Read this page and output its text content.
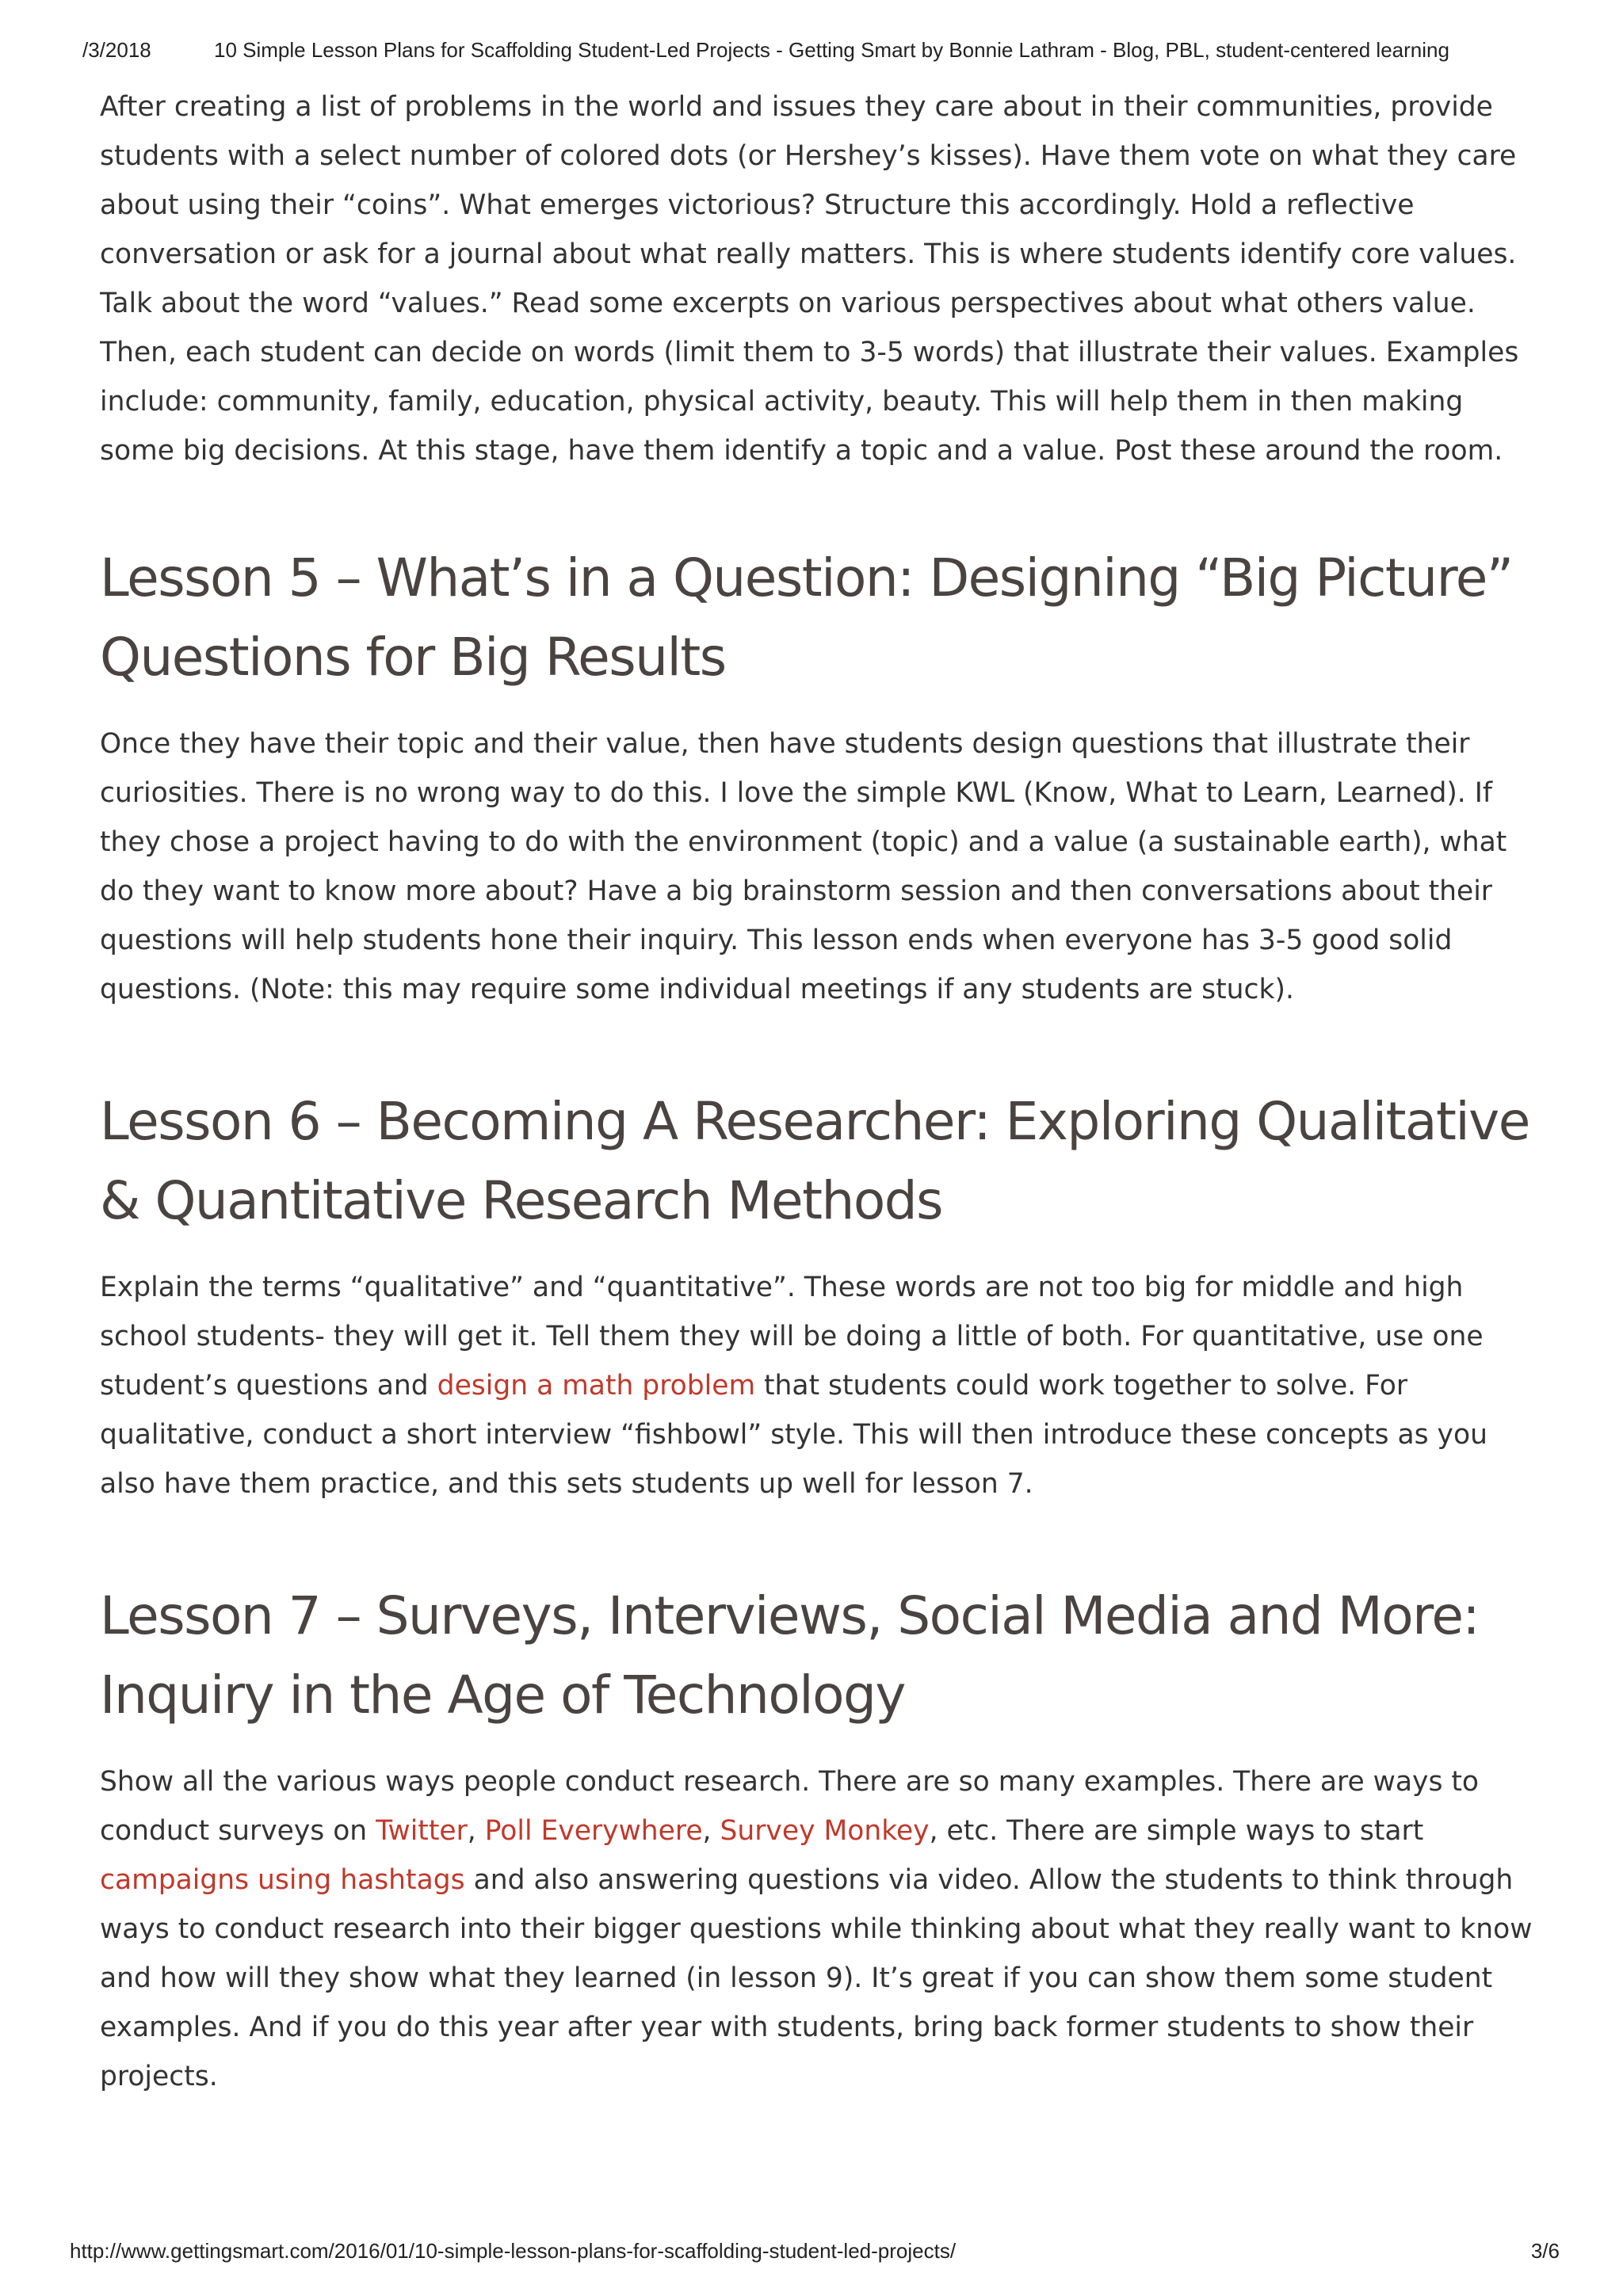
/3/2018	10 Simple Lesson Plans for Scaffolding Student-Led Projects - Getting Smart by Bonnie Lathram - Blog, PBL, student-centered learning

After creating a list of problems in the world and issues they care about in their communities, provide students with a select number of colored dots (or Hershey’s kisses). Have them vote on what they care about using their “coins”. What emerges victorious? Structure this accordingly. Hold a reflective conversation or ask for a journal about what really matters. This is where students identify core values. Talk about the word “values.” Read some excerpts on various perspectives about what others value. Then, each student can decide on words (limit them to 3-5 words) that illustrate their values. Examples include: community, family, education, physical activity, beauty. This will help them in then making some big decisions. At this stage, have them identify a topic and a value. Post these around the room.

Lesson 5 – What’s in a Question: Designing “Big Picture” Questions for Big Results

Once they have their topic and their value, then have students design questions that illustrate their curiosities. There is no wrong way to do this. I love the simple KWL (Know, What to Learn, Learned). If they chose a project having to do with the environment (topic) and a value (a sustainable earth), what do they want to know more about? Have a big brainstorm session and then conversations about their questions will help students hone their inquiry. This lesson ends when everyone has 3-5 good solid questions. (Note: this may require some individual meetings if any students are stuck).

Lesson 6 – Becoming A Researcher: Exploring Qualitative & Quantitative Research Methods

Explain the terms “qualitative” and “quantitative”. These words are not too big for middle and high school students- they will get it. Tell them they will be doing a little of both. For quantitative, use one student’s questions and design a math problem that students could work together to solve. For qualitative, conduct a short interview “fishbowl” style. This will then introduce these concepts as you also have them practice, and this sets students up well for lesson 7.

Lesson 7 – Surveys, Interviews, Social Media and More: Inquiry in the Age of Technology

Show all the various ways people conduct research. There are so many examples. There are ways to conduct surveys on Twitter, Poll Everywhere, Survey Monkey, etc. There are simple ways to start campaigns using hashtags and also answering questions via video. Allow the students to think through ways to conduct research into their bigger questions while thinking about what they really want to know and how will they show what they learned (in lesson 9). It’s great if you can show them some student examples. And if you do this year after year with students, bring back former students to show their projects.

http://www.gettingsmart.com/2016/01/10-simple-lesson-plans-for-scaffolding-student-led-projects/	3/6
